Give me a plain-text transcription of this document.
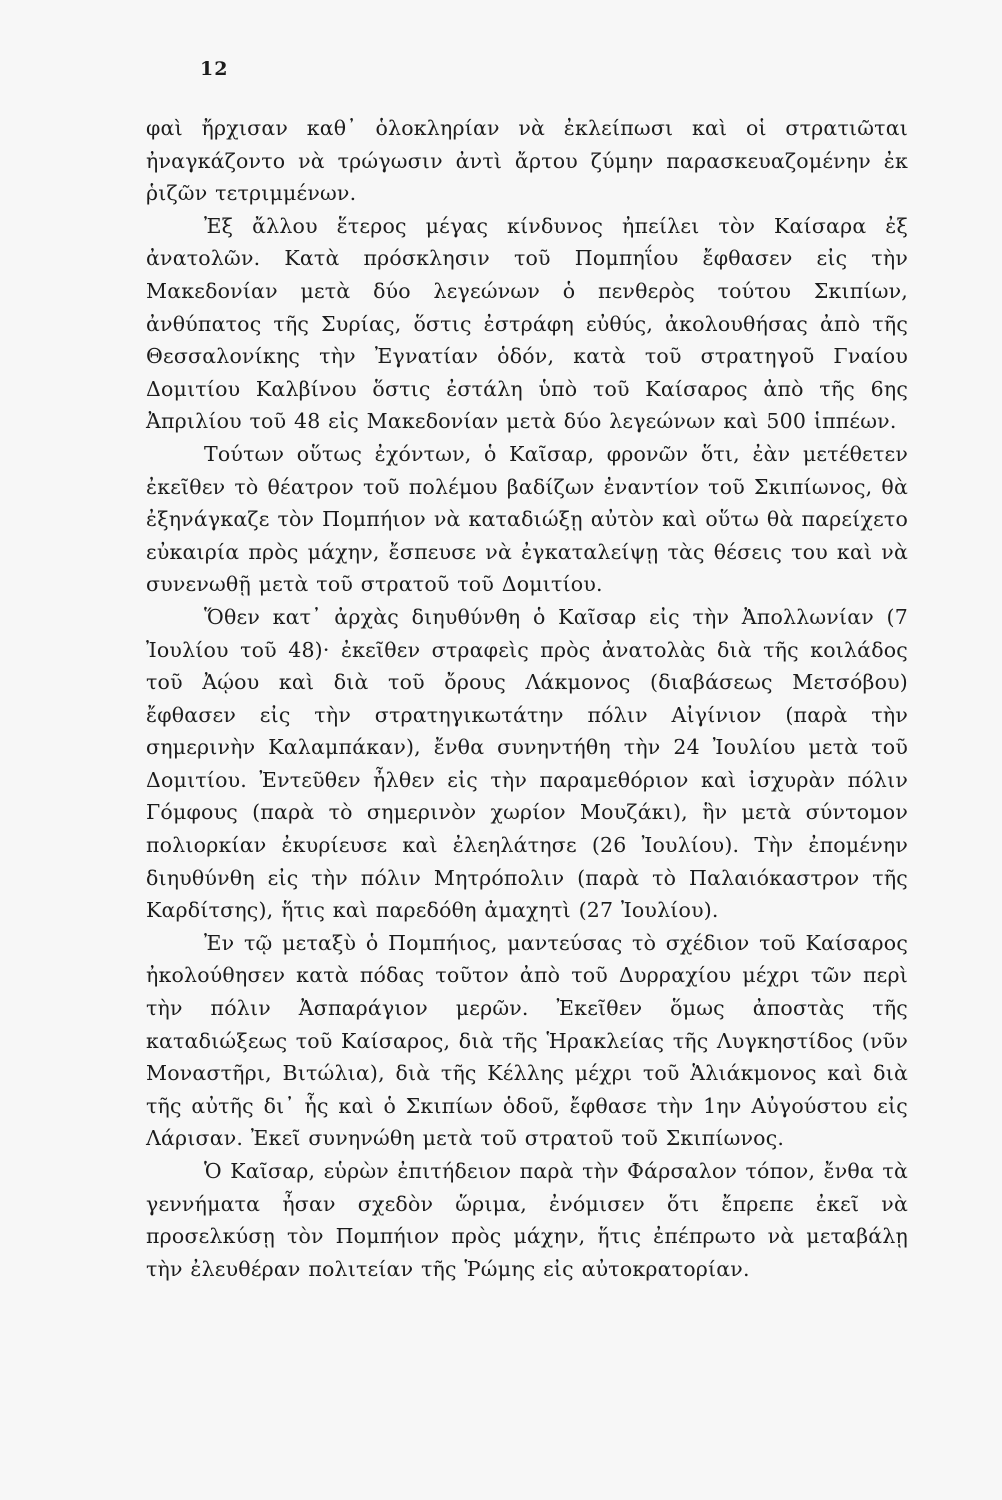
12

φαὶ ἤρχισαν καθ᾽ ὁλοκληρίαν νὰ ἐκλείπωσι καὶ οἱ στρατιῶται ἠναγκάζοντο νὰ τρώγωσιν ἀντὶ ἄρτου ζύμην παρασκευαζομένην ἐκ ῥιζῶν τετριμμένων.

Ἐξ ἄλλου ἕτερος μέγας κίνδυνος ἠπείλει τὸν Καίσαρα ἐξ ἀνατολῶν. Κατὰ πρόσκλησιν τοῦ Πομπηΐου ἔφθασεν εἰς τὴν Μακεδονίαν μετὰ δύο λεγεώνων ὁ πενθερὸς τούτου Σκιπίων, ἀνθύπατος τῆς Συρίας, ὅστις ἐστράφη εὐθύς, ἀκολουθήσας ἀπὸ τῆς Θεσσαλονίκης τὴν Ἐγνατίαν ὁδόν, κατὰ τοῦ στρατηγοῦ Γναίου Δομιτίου Καλβίνου ὅστις ἐστάλη ὑπὸ τοῦ Καίσαρος ἀπὸ τῆς 6ης Ἀπριλίου τοῦ 48 εἰς Μακεδονίαν μετὰ δύο λεγεώνων καὶ 500 ἱππέων.

Τούτων οὕτως ἐχόντων, ὁ Καῖσαρ, φρονῶν ὅτι, ἐὰν μετέθετεν ἐκεῖθεν τὸ θέατρον τοῦ πολέμου βαδίζων ἐναντίον τοῦ Σκιπίωνος, θὰ ἐξηνάγκαζε τὸν Πομπήιον νὰ καταδιώξῃ αὐτὸν καὶ οὕτω θὰ παρείχετο εὐκαιρία πρὸς μάχην, ἔσπευσε νὰ ἐγκαταλείψῃ τὰς θέσεις του καὶ νὰ συνενωθῇ μετὰ τοῦ στρατοῦ τοῦ Δομιτίου.

Ὅθεν κατ᾽ ἀρχὰς διηυθύνθη ὁ Καῖσαρ εἰς τὴν Ἀπολλωνίαν (7 Ἰουλίου τοῦ 48)· ἐκεῖθεν στραφεὶς πρὸς ἀνατολὰς διὰ τῆς κοιλάδος τοῦ Ἀῴου καὶ διὰ τοῦ ὄρους Λάκμονος (διαβάσεως Μετσόβου) ἔφθασεν εἰς τὴν στρατηγικωτάτην πόλιν Αἰγίνιον (παρὰ τὴν σημερινὴν Καλαμπάκαν), ἔνθα συνηντήθη τὴν 24 Ἰουλίου μετὰ τοῦ Δομιτίου. Ἐντεῦθεν ἦλθεν εἰς τὴν παραμεθόριον καὶ ἰσχυρὰν πόλιν Γόμφους (παρὰ τὸ σημερινὸν χωρίον Μουζάκι), ἣν μετὰ σύντομον πολιορκίαν ἐκυρίευσε καὶ ἐλεηλάτησε (26 Ἰουλίου). Τὴν ἐπομένην διηυθύνθη εἰς τὴν πόλιν Μητρόπολιν (παρὰ τὸ Παλαιόκαστρον τῆς Καρδίτσης), ἥτις καὶ παρεδόθη ἀμαχητὶ (27 Ἰουλίου).

Ἐν τῷ μεταξὺ ὁ Πομπήιος, μαντεύσας τὸ σχέδιον τοῦ Καίσαρος ἠκολούθησεν κατὰ πόδας τοῦτον ἀπὸ τοῦ Δυρραχίου μέχρι τῶν περὶ τὴν πόλιν Ἀσπαράγιον μερῶν. Ἐκεῖθεν ὅμως ἀποστὰς τῆς καταδιώξεως τοῦ Καίσαρος, διὰ τῆς Ἡρακλείας τῆς Λυγκηστίδος (νῦν Μοναστῆρι, Βιτώλια), διὰ τῆς Κέλλης μέχρι τοῦ Ἁλιάκμονος καὶ διὰ τῆς αὐτῆς δι᾽ ἧς καὶ ὁ Σκιπίων ὁδοῦ, ἔφθασε τὴν 1ην Αὐγούστου εἰς Λάρισαν. Ἐκεῖ συνηνώθη μετὰ τοῦ στρατοῦ τοῦ Σκιπίωνος.

Ὁ Καῖσαρ, εὑρὼν ἐπιτήδειον παρὰ τὴν Φάρσαλον τόπον, ἔνθα τὰ γεννήματα ἦσαν σχεδὸν ὥριμα, ἐνόμισεν ὅτι ἔπρεπε ἐκεῖ νὰ προσελκύσῃ τὸν Πομπήιον πρὸς μάχην, ἥτις ἐπέπρωτο νὰ μεταβάλῃ τὴν ἐλευθέραν πολιτείαν τῆς Ῥώμης εἰς αὐτοκρατορίαν.
